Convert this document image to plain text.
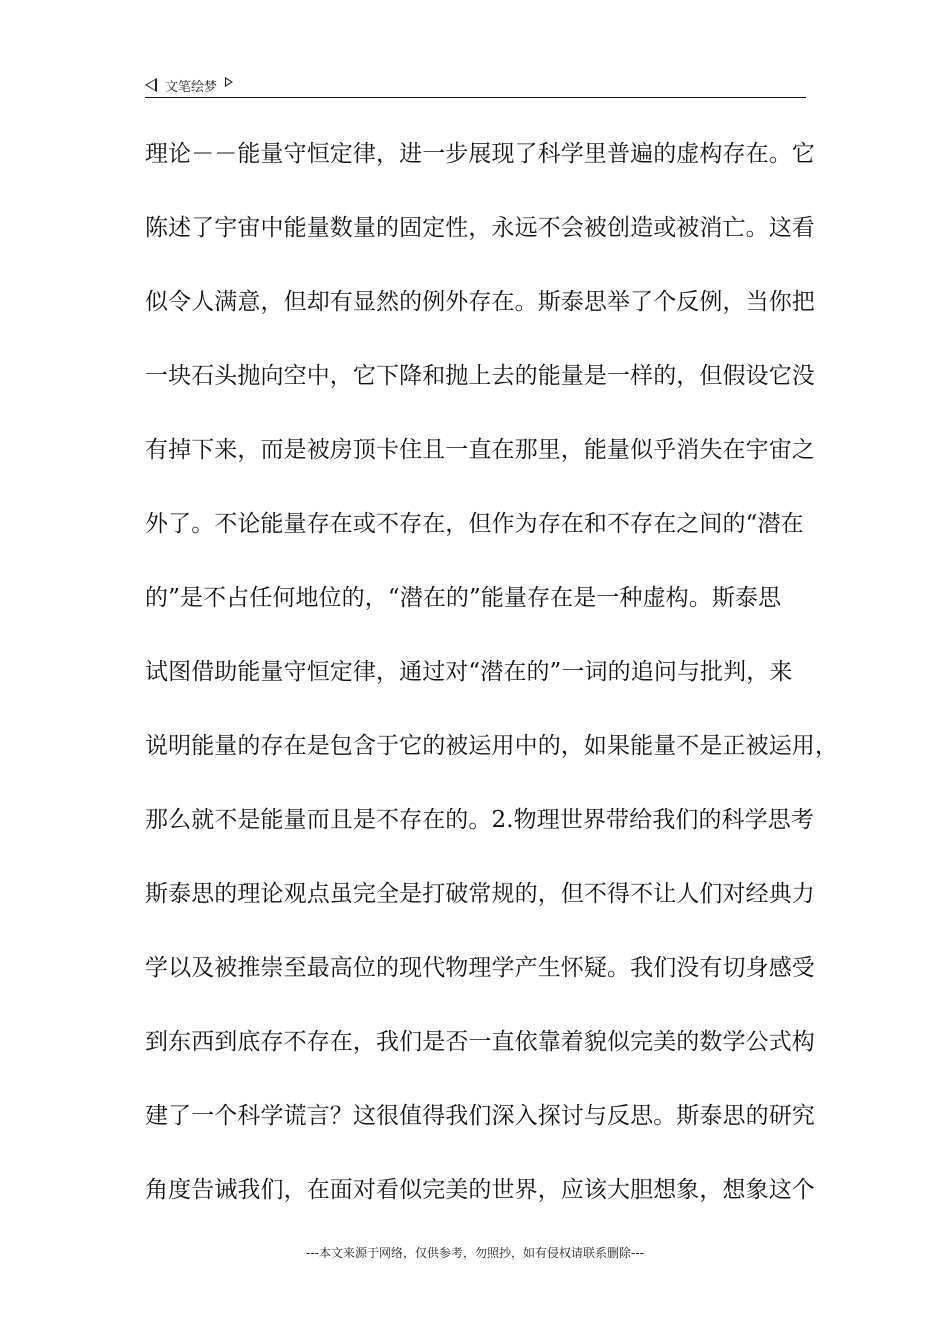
文笔绘梦
理论－－能量守恒定律，进一步展现了科学里普遍的虚构存在。它
陈述了宇宙中能量数量的固定性，永远不会被创造或被消亡。这看
似令人满意，但却有显然的例外存在。斯泰思举了个反例，当你把
一块石头抛向空中，它下降和抛上去的能量是一样的，但假设它没
有掉下来，而是被房顶卡住且一直在那里，能量似乎消失在宇宙之
外了。不论能量存在或不存在，但作为存在和不存在之间的“潜在
的”是不占任何地位的，“潜在的”能量存在是一种虚构。斯泰思
试图借助能量守恒定律，通过对“潜在的”一词的追问与批判，来
说明能量的存在是包含于它的被运用中的，如果能量不是正被运用，
那么就不是能量而且是不存在的。2.物理世界带给我们的科学思考
斯泰思的理论观点虽完全是打破常规的，但不得不让人们对经典力
学以及被推崇至最高位的现代物理学产生怀疑。我们没有切身感受
到东西到底存不存在，我们是否一直依靠着貌似完美的数学公式构
建了一个科学谎言？这很值得我们深入探讨与反思。斯泰思的研究
角度告诫我们，在面对看似完美的世界，应该大胆想象，想象这个
---本文来源于网络，仅供参考，勿照抄，如有侵权请联系删除---
